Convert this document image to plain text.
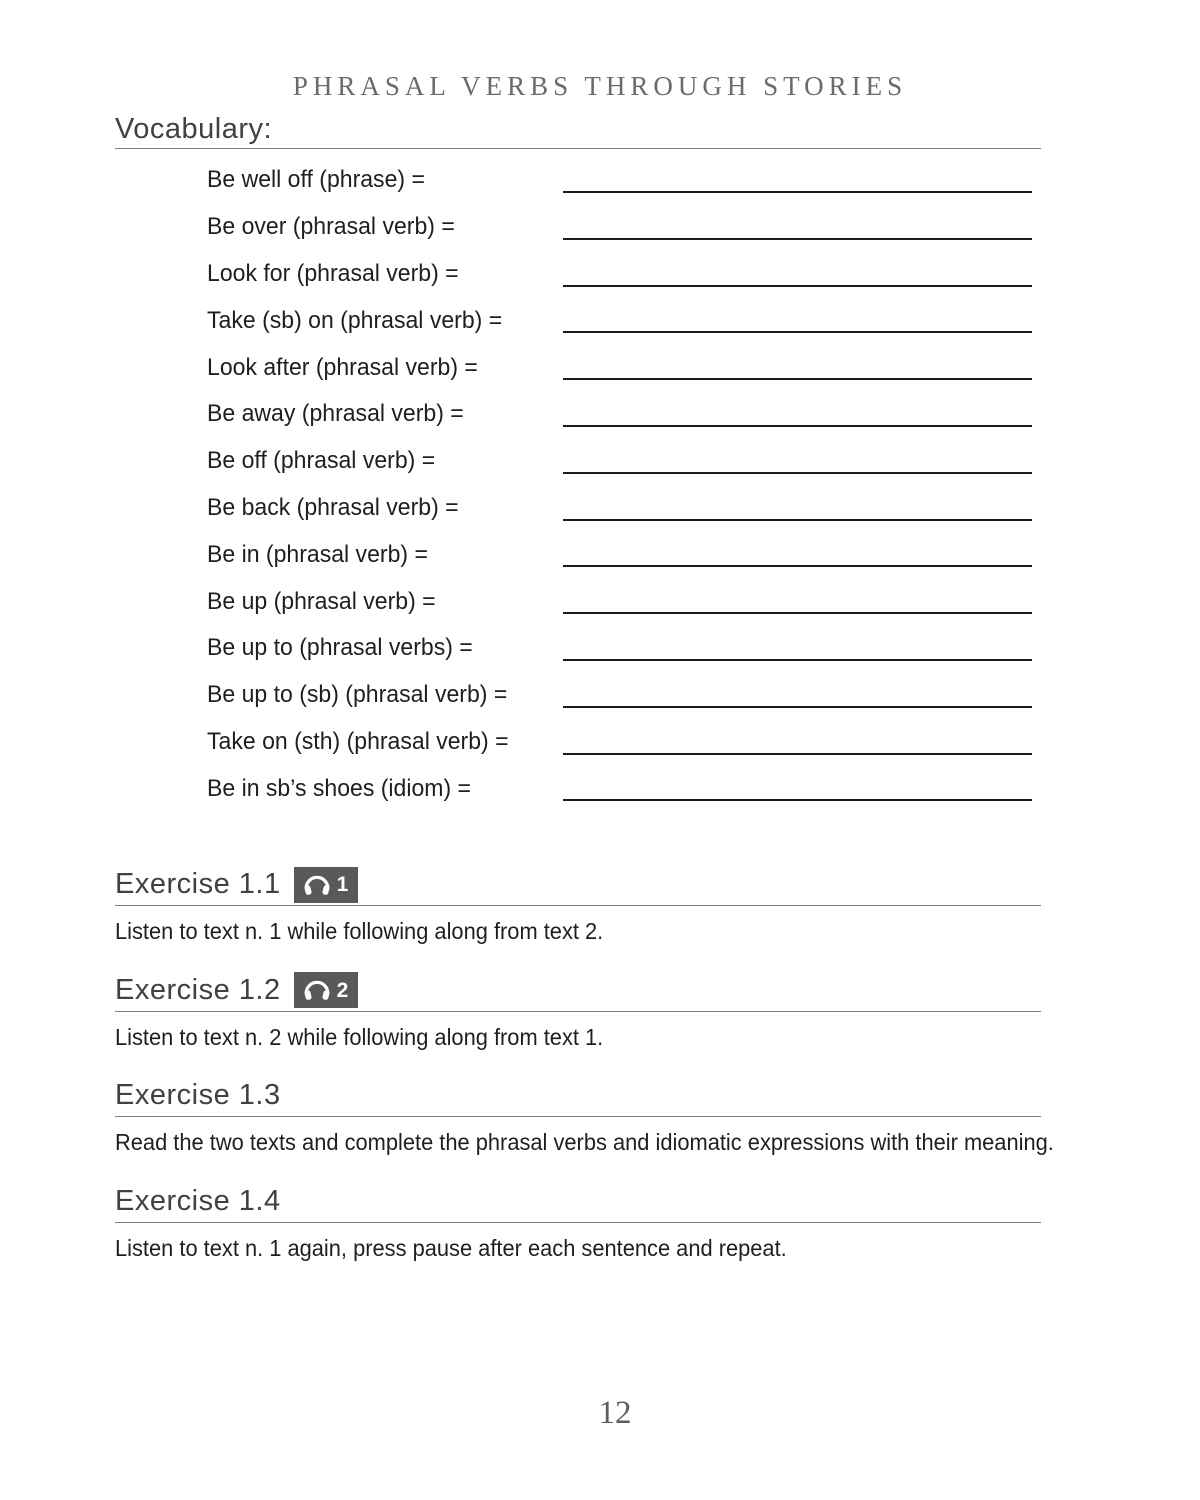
PHRASAL VERBS THROUGH STORIES
Vocabulary:
Be well off (phrase) =
Be over (phrasal verb) =
Look for (phrasal verb) =
Take (sb) on (phrasal verb) =
Look after (phrasal verb) =
Be away (phrasal verb) =
Be off (phrasal verb) =
Be back (phrasal verb) =
Be in (phrasal verb) =
Be up (phrasal verb) =
Be up to (phrasal verbs) =
Be up to (sb) (phrasal verb) =
Take on (sth) (phrasal verb) =
Be in sb’s shoes (idiom) =
Exercise 1.1	1

Listen to text n. 1 while following along from text 2.

Exercise 1.2	2

Listen to text n. 2 while following along from text 1.

Exercise 1.3

Read the two texts and complete the phrasal verbs and idiomatic expressions with their meaning.

Exercise 1.4

Listen to text n. 1 again, press pause after each sentence and repeat.

12
